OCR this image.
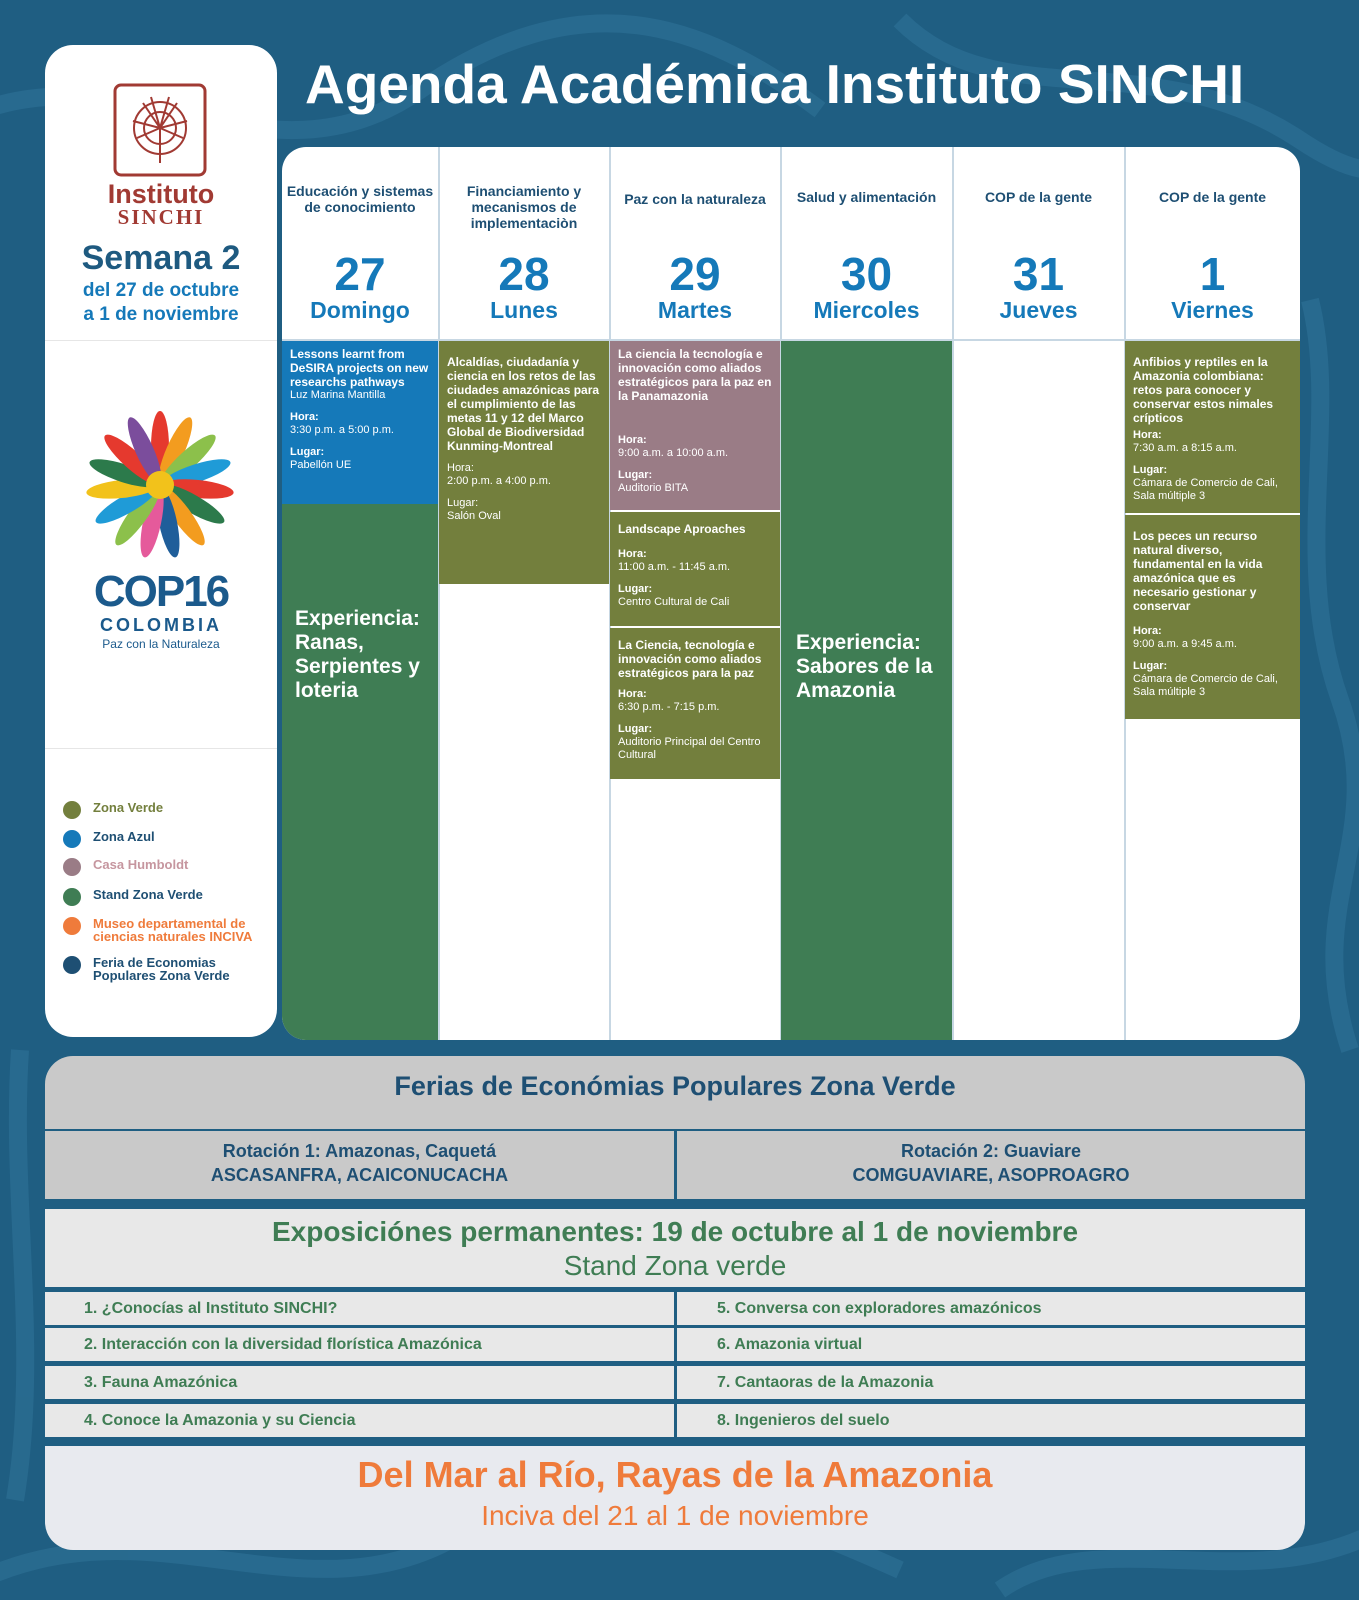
Instituto
SINCHI
Semana 2
del 27 de octubre
a 1 de noviembre
COP16
COLOMBIA
Paz con la Naturaleza
Zona Verde
Zona Azul
Casa Humboldt
Stand Zona Verde
Museo departamental de ciencias naturales INCIVA
Feria de Economias Populares Zona Verde
Agenda Académica Instituto SINCHI
Educación y sistemas de conocimiento
27
Domingo
Lessons learnt from DeSIRA projects on new researchs pathways
Luz Marina Mantilla
Hora:
3:30 p.m. a 5:00 p.m.
Lugar:
Pabellón UE
Experiencia: Ranas, Serpientes y loteria
Financiamiento y mecanismos de implementaciòn
28
Lunes
Alcaldías, ciudadanía y ciencia en los retos de las ciudades amazónicas para el cumplimiento de las metas 11 y 12 del Marco Global de Biodiversidad Kunming-Montreal
Hora:
2:00 p.m. a 4:00 p.m.
Lugar:
Salón Oval
Paz con la naturaleza
29
Martes
La ciencia la tecnología e innovación como aliados estratégicos para la paz en la Panamazonia
Hora:
9:00 a.m. a 10:00 a.m.
Lugar:
Auditorio BITA
Landscape Aproaches
Hora:
11:00 a.m. - 11:45 a.m.
Lugar:
Centro Cultural de Cali
La Ciencia, tecnología e innovación como aliados estratégicos para la paz
Hora:
6:30 p.m. - 7:15 p.m.
Lugar:
Auditorio Principal del Centro Cultural
Salud y alimentación
30
Miercoles
Experiencia: Sabores de la Amazonia
COP de la gente
31
Jueves
COP de la gente
1
Viernes
Anfibios y reptiles en la Amazonia colombiana: retos para conocer y conservar estos nimales crípticos
Hora:
7:30 a.m. a 8:15 a.m.
Lugar:
Cámara de Comercio de Cali, Sala múltiple 3
Los peces un recurso natural diverso, fundamental en la vida amazónica que es necesario gestionar y conservar
Hora:
9:00 a.m. a 9:45 a.m.
Lugar:
Cámara de Comercio de Cali, Sala múltiple 3
Ferias de Económias Populares Zona Verde
Rotación 1: Amazonas, Caquetá
ASCASANFRA, ACAICONUCACHA
Rotación 2: Guaviare
COMGUAVIARE, ASOPROAGRO
Exposiciónes permanentes: 19 de octubre al 1 de noviembre
Stand Zona verde
1. ¿Conocías al Instituto SINCHI?
2. Interacción con la diversidad florística Amazónica
3. Fauna Amazónica
4. Conoce la Amazonia y su Ciencia
5. Conversa con exploradores amazónicos
6. Amazonia virtual
7. Cantaoras de la Amazonia
8. Ingenieros del suelo
Del Mar al Río, Rayas de la Amazonia
Inciva del 21 al 1 de noviembre
